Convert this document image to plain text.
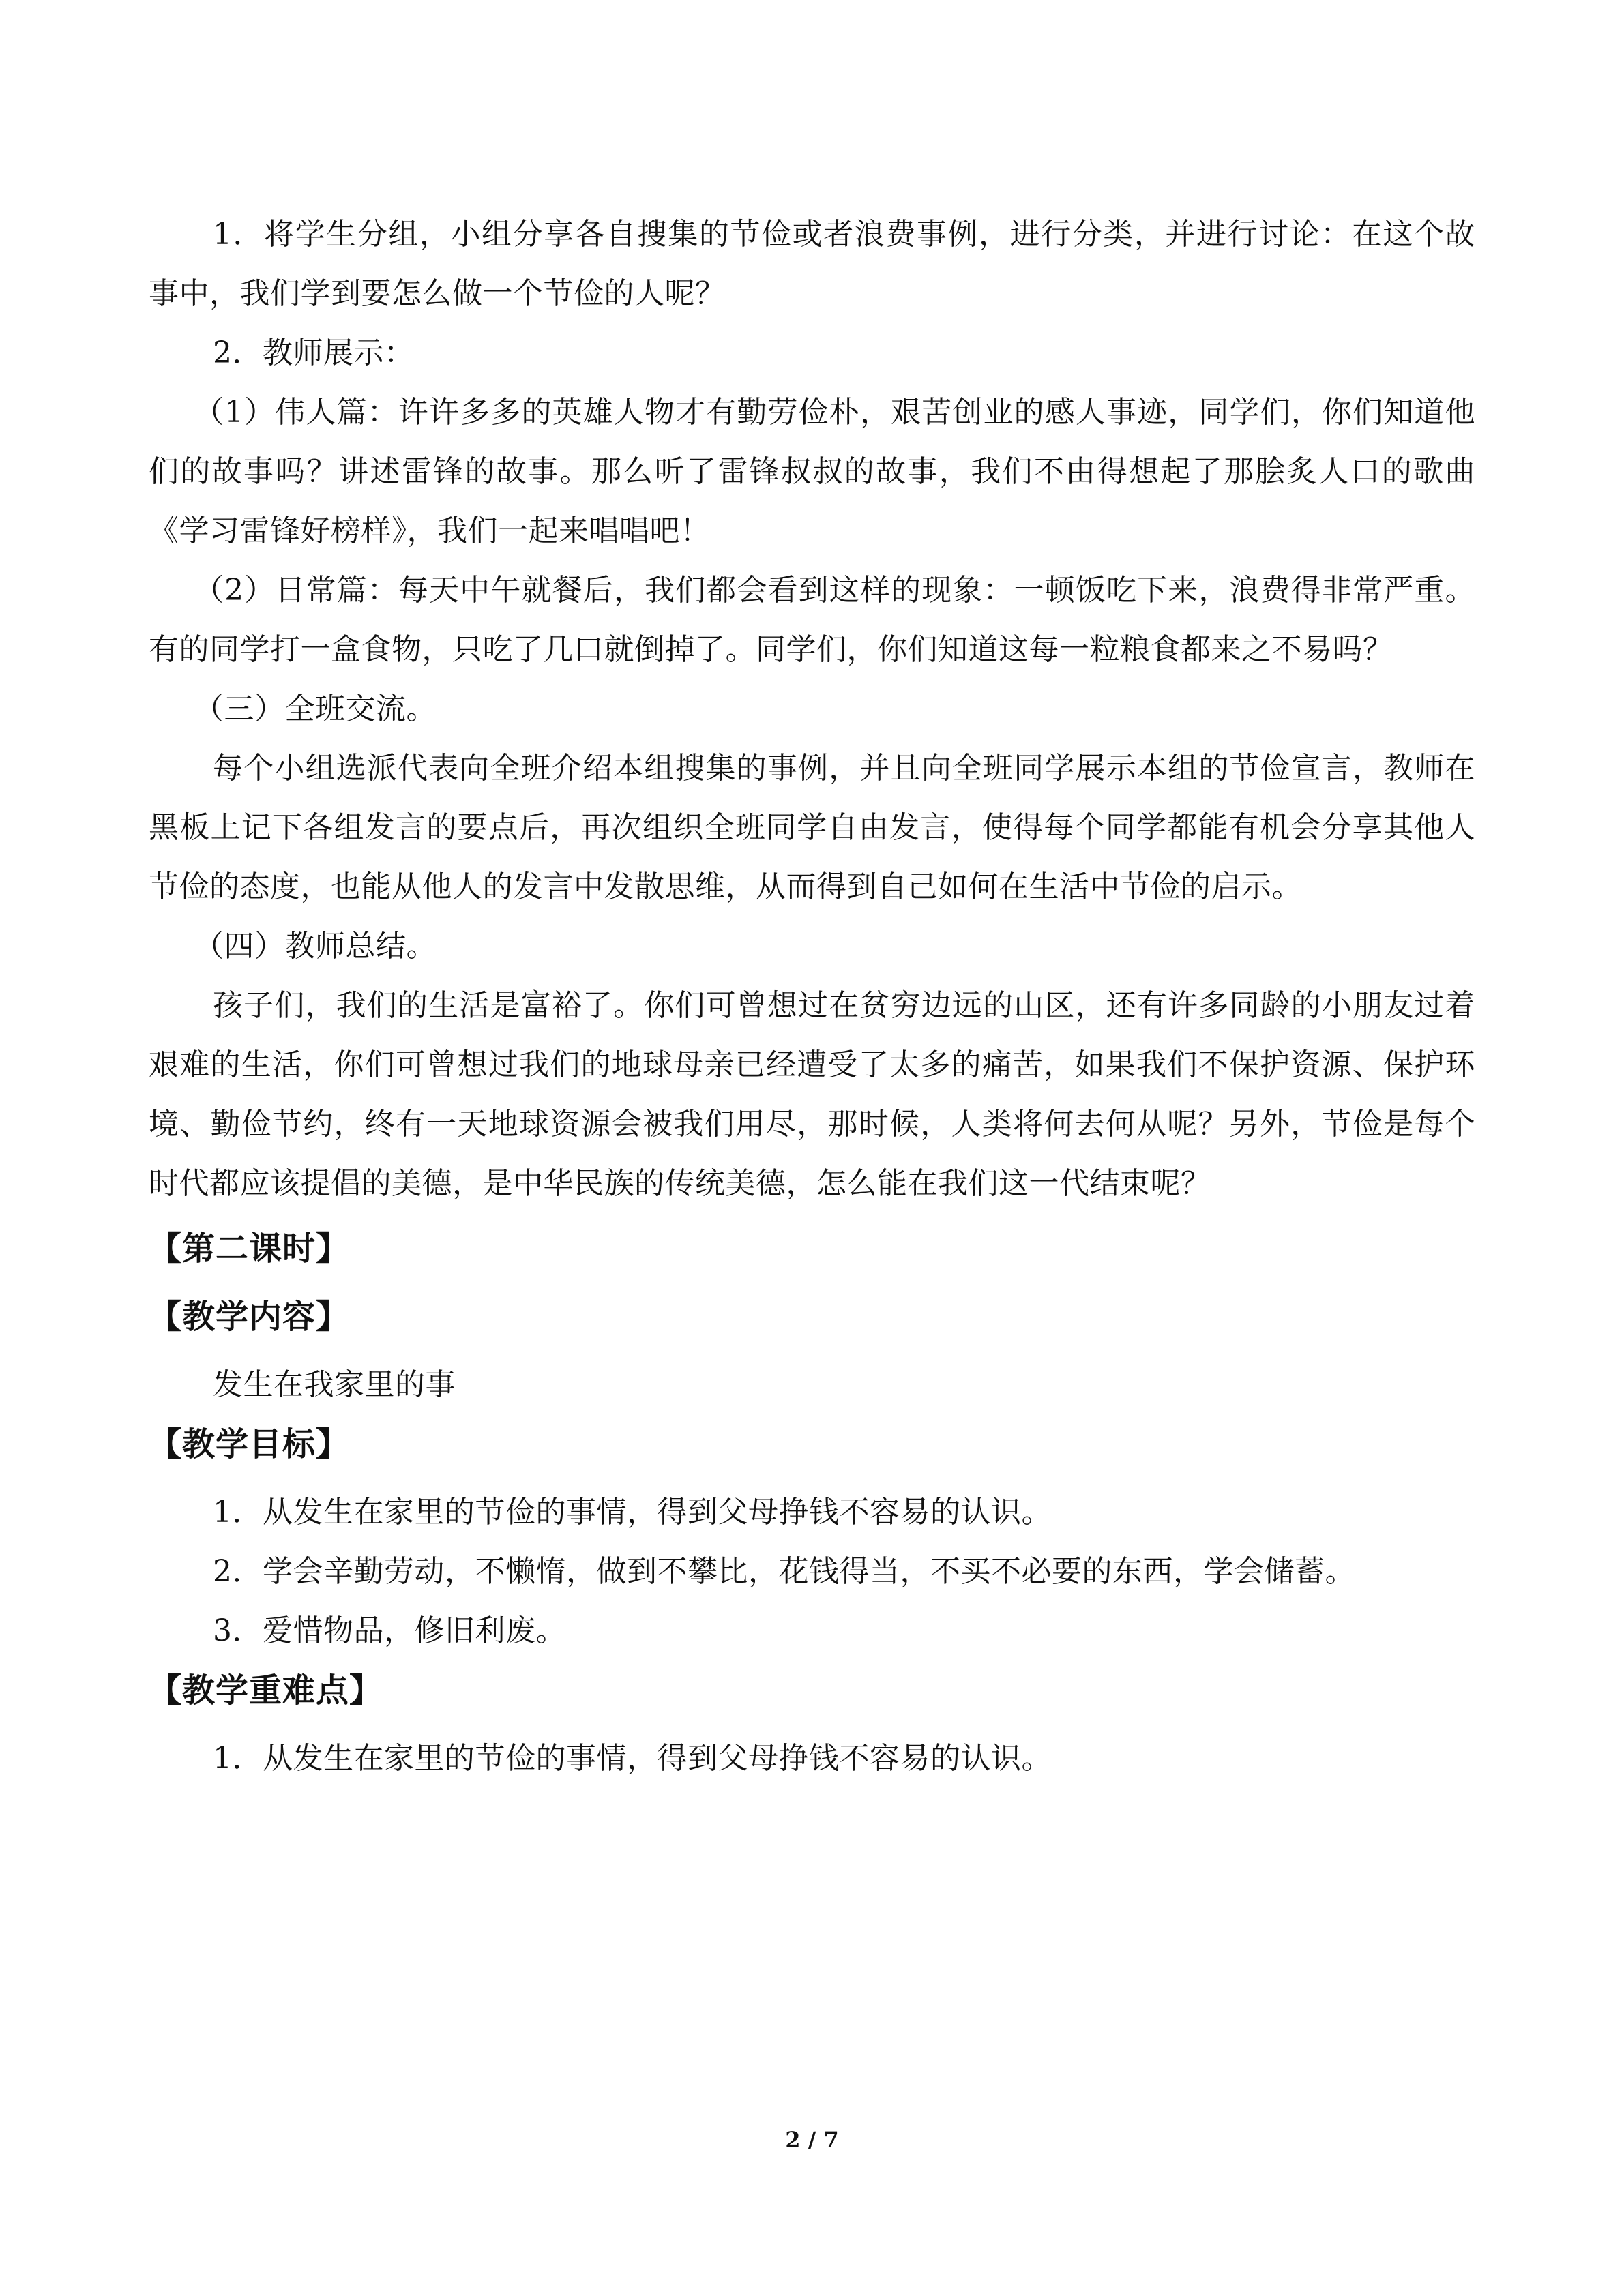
1．将学生分组，小组分享各自搜集的节俭或者浪费事例，进行分类，并进行讨论：在这个故事中，我们学到要怎么做一个节俭的人呢？

2．教师展示：

（1）伟人篇：许许多多的英雄人物才有勤劳俭朴，艰苦创业的感人事迹，同学们，你们知道他们的故事吗？讲述雷锋的故事。那么听了雷锋叔叔的故事，我们不由得想起了那脍炙人口的歌曲《学习雷锋好榜样》，我们一起来唱唱吧！

（2）日常篇：每天中午就餐后，我们都会看到这样的现象：一顿饭吃下来，浪费得非常严重。有的同学打一盒食物，只吃了几口就倒掉了。同学们，你们知道这每一粒粮食都来之不易吗？

（三）全班交流。

每个小组选派代表向全班介绍本组搜集的事例，并且向全班同学展示本组的节俭宣言，教师在黑板上记下各组发言的要点后，再次组织全班同学自由发言，使得每个同学都能有机会分享其他人节俭的态度，也能从他人的发言中发散思维，从而得到自己如何在生活中节俭的启示。

（四）教师总结。

孩子们，我们的生活是富裕了。你们可曾想过在贫穷边远的山区，还有许多同龄的小朋友过着艰难的生活，你们可曾想过我们的地球母亲已经遭受了太多的痛苦，如果我们不保护资源、保护环境、勤俭节约，终有一天地球资源会被我们用尽，那时候，人类将何去何从呢？另外，节俭是每个时代都应该提倡的美德，是中华民族的传统美德，怎么能在我们这一代结束呢？

【第二课时】
【教学内容】

发生在我家里的事

【教学目标】

1．从发生在家里的节俭的事情，得到父母挣钱不容易的认识。

2．学会辛勤劳动，不懒惰，做到不攀比，花钱得当，不买不必要的东西，学会储蓄。

3．爱惜物品，修旧利废。

【教学重难点】

1．从发生在家里的节俭的事情，得到父母挣钱不容易的认识。

2 / 7
